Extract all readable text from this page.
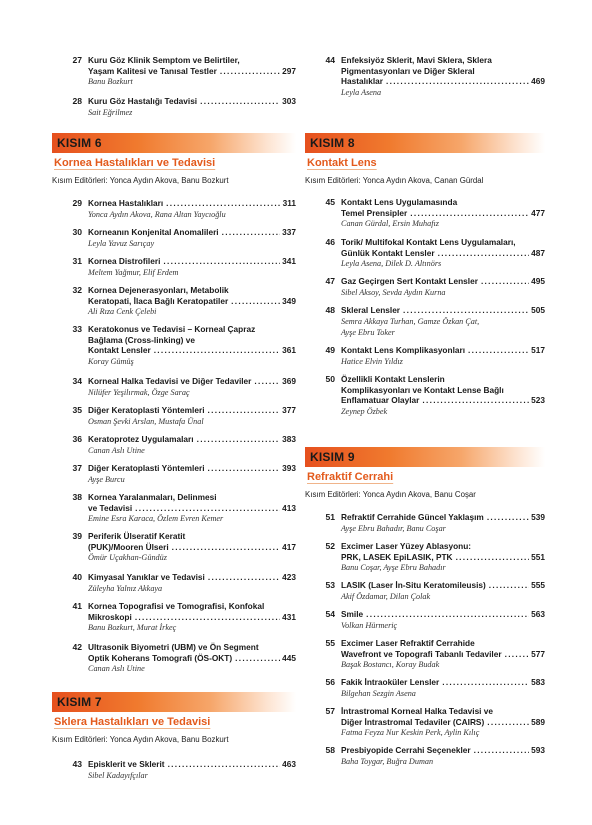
27 Kuru Göz Klinik Semptom ve Belirtiler,
Yaşam Kalitesi ve Tanısal Testler .....	297
Banu Bozkurt
28 Kuru Göz Hastalığı Tedavisi .....	303
Sait Eğrilmez
KISIM 6
Kornea Hastalıkları ve Tedavisi
Kısım Editörleri: Yonca Aydın Akova, Banu Bozkurt
29 Kornea Hastalıkları .....	311
Yonca Aydın Akova, Rana Altan Yaycıoğlu
30 Korneanın Konjenital Anomalileri .....	337
Leyla Yavuz Sarıçay
31 Kornea Distrofileri .....	341
Meltem Yağmur, Elif Erdem
32 Kornea Dejenerasyonları, Metabolik
Keratopati, İlaca Bağlı Keratopatiler .....	349
Ali Rıza Cenk Çelebi
33 Keratokonus ve Tedavisi – Korneal Çapraz
Bağlama (Cross-linking) ve
Kontakt Lensler .....	361
Koray Gümüş
34 Korneal Halka Tedavisi ve Diğer Tedaviler .....	369
Nilüfer Yeşilırmak, Özge Saraç
35 Diğer Keratoplasti Yöntemleri .....	377
Osman Şevki Arslan, Mustafa Ünal
36 Keratoprotez Uygulamaları .....	383
Canan Aslı Utine
37 Diğer Keratoplasti Yöntemleri .....	393
Ayşe Burcu
38 Kornea Yaralanmaları, Delinmesi
ve Tedavisi .....	413
Emine Esra Karaca, Özlem Evren Kemer
39 Periferik Ülseratif Keratit
(PUK)/Mooren Ülseri .....	417
Ömür Uçakhan-Gündüz
40 Kimyasal Yanıklar ve Tedavisi .....	423
Züleyha Yalnız Akkaya
41 Kornea Topografisi ve Tomografisi, Konfokal
Mikroskopi .....	431
Banu Bozkurt, Murat İrkeç
42 Ultrasonik Biyometri (UBM) ve Ön Segment
Optik Koherans Tomografi (ÖS-OKT) .....	445
Canan Aslı Utine
KISIM 7
Sklera Hastalıkları ve Tedavisi
Kısım Editörleri: Yonca Aydın Akova, Banu Bozkurt
43 Episklerit ve Sklerit .....	463
Sibel Kadayıfçılar
44 Enfeksiyöz Sklerit, Mavi Sklera, Sklera
Pigmentasyonları ve Diğer Skleral
Hastalıklar .....	469
Leyla Asena
KISIM 8
Kontakt Lens
Kısım Editörleri: Yonca Aydın Akova, Canan Gürdal
45 Kontakt Lens Uygulamasında
Temel Prensipler .....	477
Canan Gürdal, Ersin Muhafız
46 Torik/ Multifokal Kontakt Lens Uygulamaları,
Günlük Kontakt Lensler .....	487
Leyla Asena, Dilek D. Altınörs
47 Gaz Geçirgen Sert Kontakt Lensler .....	495
Sibel Aksoy, Sevda Aydın Kurna
48 Skleral Lensler .....	505
Semra Akkaya Turhan, Gamze Özkan Çat,
Ayşe Ebru Toker
49 Kontakt Lens Komplikasyonları .....	517
Hatice Elvin Yıldız
50 Özellikli Kontakt Lenslerin
Komplikasyonları ve Kontakt Lense Bağlı
Enflamatuar Olaylar .....	523
Zeynep Özbek
KISIM 9
Refraktif Cerrahi
Kısım Editörleri: Yonca Aydın Akova, Banu Coşar
51 Refraktif Cerrahide Güncel Yaklaşım .....	539
Ayşe Ebru Bahadır, Banu Coşar
52 Excimer Laser Yüzey Ablasyonu:
PRK, LASEK EpiLASIK, PTK .....	551
Banu Coşar, Ayşe Ebru Bahadır
53 LASIK (Laser İn-Situ Keratomileusis) .....	555
Akif Özdamar, Dilan Çolak
54 Smile .....	563
Volkan Hürmeriç
55 Excimer Laser Refraktif Cerrahide
Wavefront ve Topografi Tabanlı Tedaviler .....	577
Başak Bostancı, Koray Budak
56 Fakik İntraoküler Lensler .....	583
Bilgehan Sezgin Asena
57 İntrastromal Korneal Halka Tedavisi ve
Diğer İntrastromal Tedaviler (CAIRS) .....	589
Fatma Feyza Nur Keskin Perk, Aylin Kılıç
58 Presbiyopide Cerrahi Seçenekler .....	593
Baha Toygar, Buğra Duman
